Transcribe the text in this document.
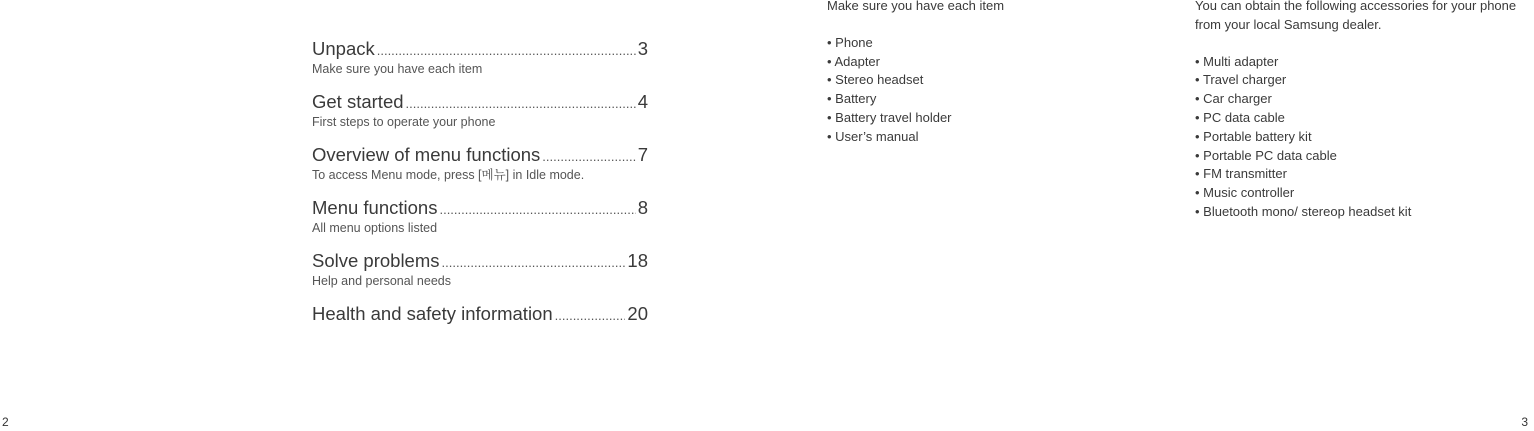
Unpack .....	3
Make sure you have each item
Get started .....	4
First steps to operate your phone
Overview of menu functions .....	7
To access Menu mode, press [메뉴] in Idle mode.
Menu functions .....	8
All menu options listed
Solve problems .....	18
Help and personal needs
Health and safety information .....	20
2

Make sure you have each item

• Phone
• Adapter
• Stereo headset
• Battery
• Battery travel holder
• User’s manual

You can obtain the following accessories for your phone from your local Samsung dealer.

• Multi adapter
• Travel charger
• Car charger
• PC data cable
• Portable battery kit
• Portable PC data cable
• FM transmitter
• Music controller
• Bluetooth mono/ stereop headset kit
3
